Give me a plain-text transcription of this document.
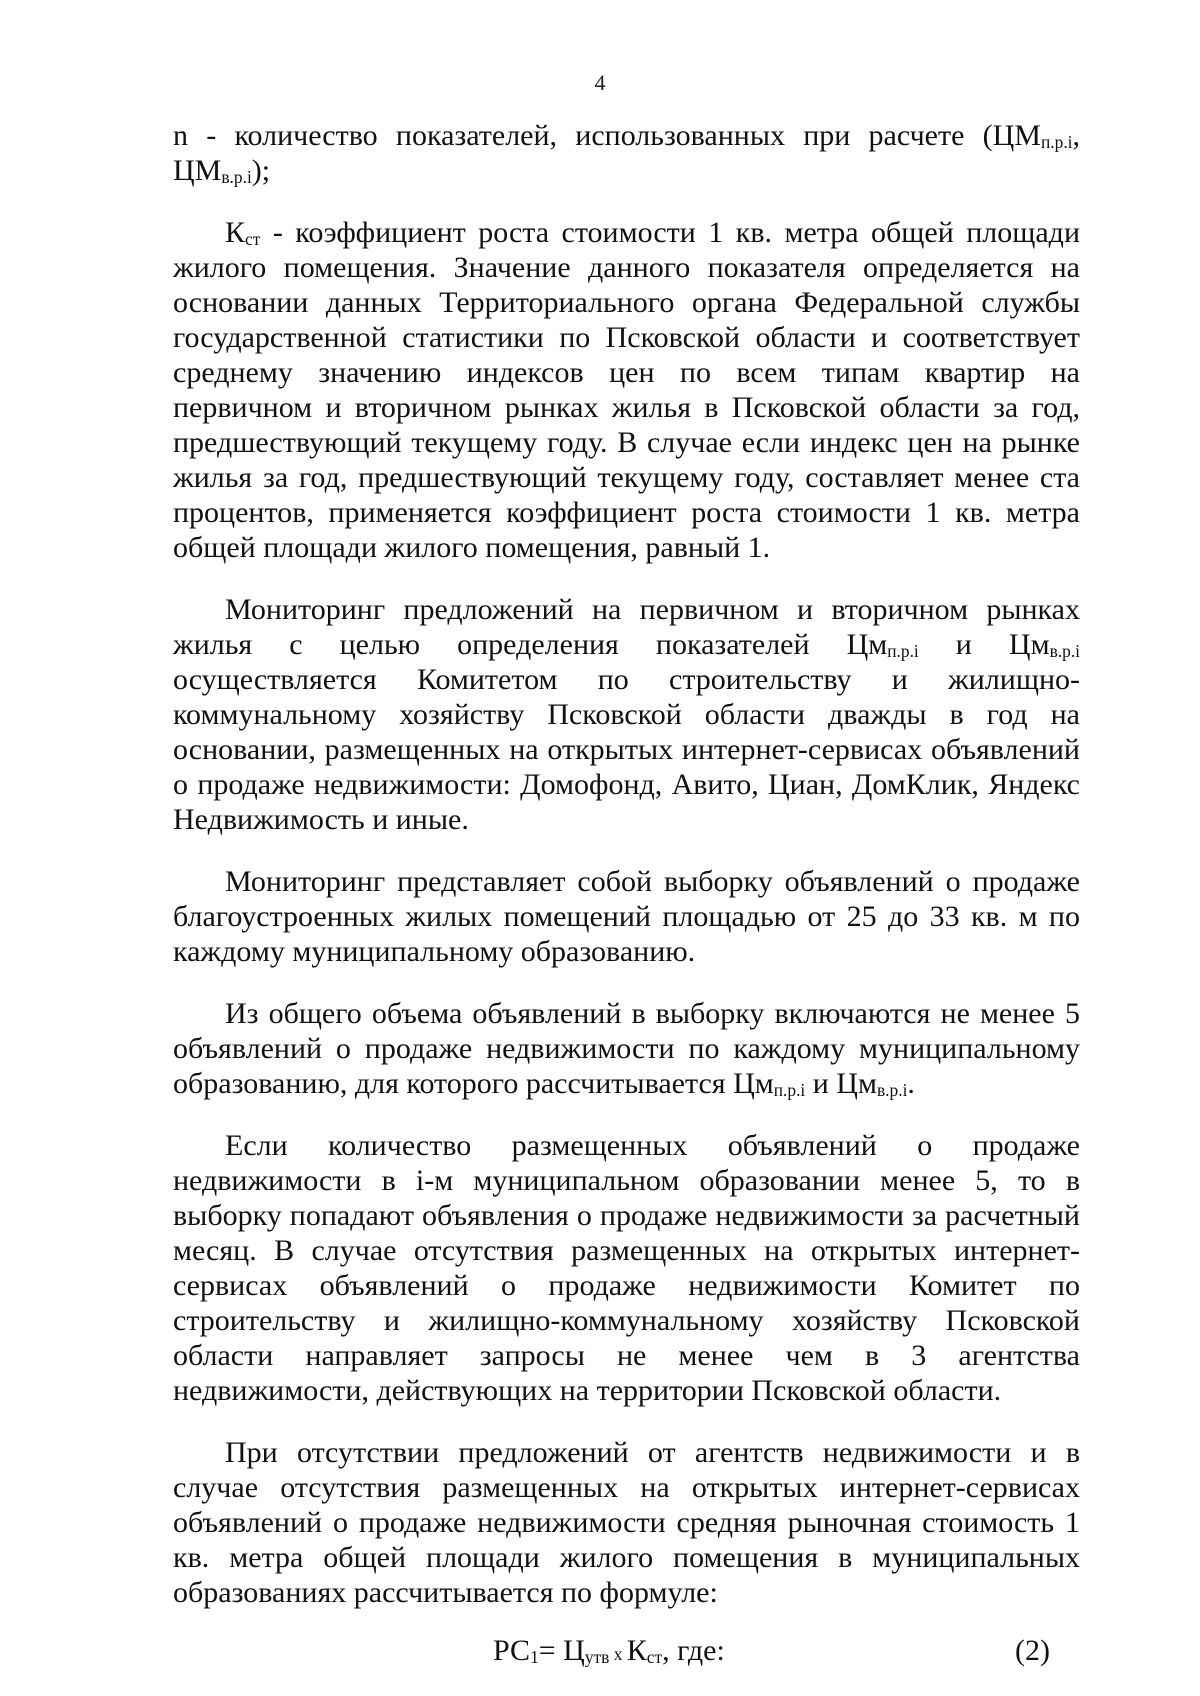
4

n - количество показателей, использованных при расчете ($ЦМ_{п.р.i}$, $ЦМ_{в.р.i}$);

$К_{ст}$ - коэффициент роста стоимости 1 кв. метра общей площади жилого помещения. Значение данного показателя определяется на основании данных Территориального органа Федеральной службы государственной статистики по Псковской области и соответствует среднему значению индексов цен по всем типам квартир на первичном и вторичном рынках жилья в Псковской области за год, предшествующий текущему году. В случае если индекс цен на рынке жилья за год, предшествующий текущему году, составляет менее ста процентов, применяется коэффициент роста стоимости 1 кв. метра общей площади жилого помещения, равный 1.

Мониторинг предложений на первичном и вторичном рынках жилья с целью определения показателей $Цм_{п.р.i}$ и $Цм_{в.р.i}$ осуществляется Комитетом по строительству и жилищно-коммунальному хозяйству Псковской области дважды в год на основании, размещенных на открытых интернет-сервисах объявлений о продаже недвижимости: Домофонд, Авито, Циан, ДомКлик, Яндекс Недвижимость и иные.

Мониторинг представляет собой выборку объявлений о продаже благоустроенных жилых помещений площадью от 25 до 33 кв. м по каждому муниципальному образованию.

Из общего объема объявлений в выборку включаются не менее 5 объявлений о продаже недвижимости по каждому муниципальному образованию, для которого рассчитывается $Цм_{п.р.i}$ и $Цм_{в.р.i}$.

Если количество размещенных объявлений о продаже недвижимости в i-м муниципальном образовании менее 5, то в выборку попадают объявления о продаже недвижимости за расчетный месяц. В случае отсутствия размещенных на открытых интернет-сервисах объявлений о продаже недвижимости Комитет по строительству и жилищно-коммунальному хозяйству Псковской области направляет запросы не менее чем в 3 агентства недвижимости, действующих на территории Псковской области.

При отсутствии предложений от агентств недвижимости и в случае отсутствия размещенных на открытых интернет-сервисах объявлений о продаже недвижимости средняя рыночная стоимость 1 кв. метра общей площади жилого помещения в муниципальных образованиях рассчитывается по формуле:

$РС_1= Ц_{утв}$ х $К_{ст}$, где:	(2)
